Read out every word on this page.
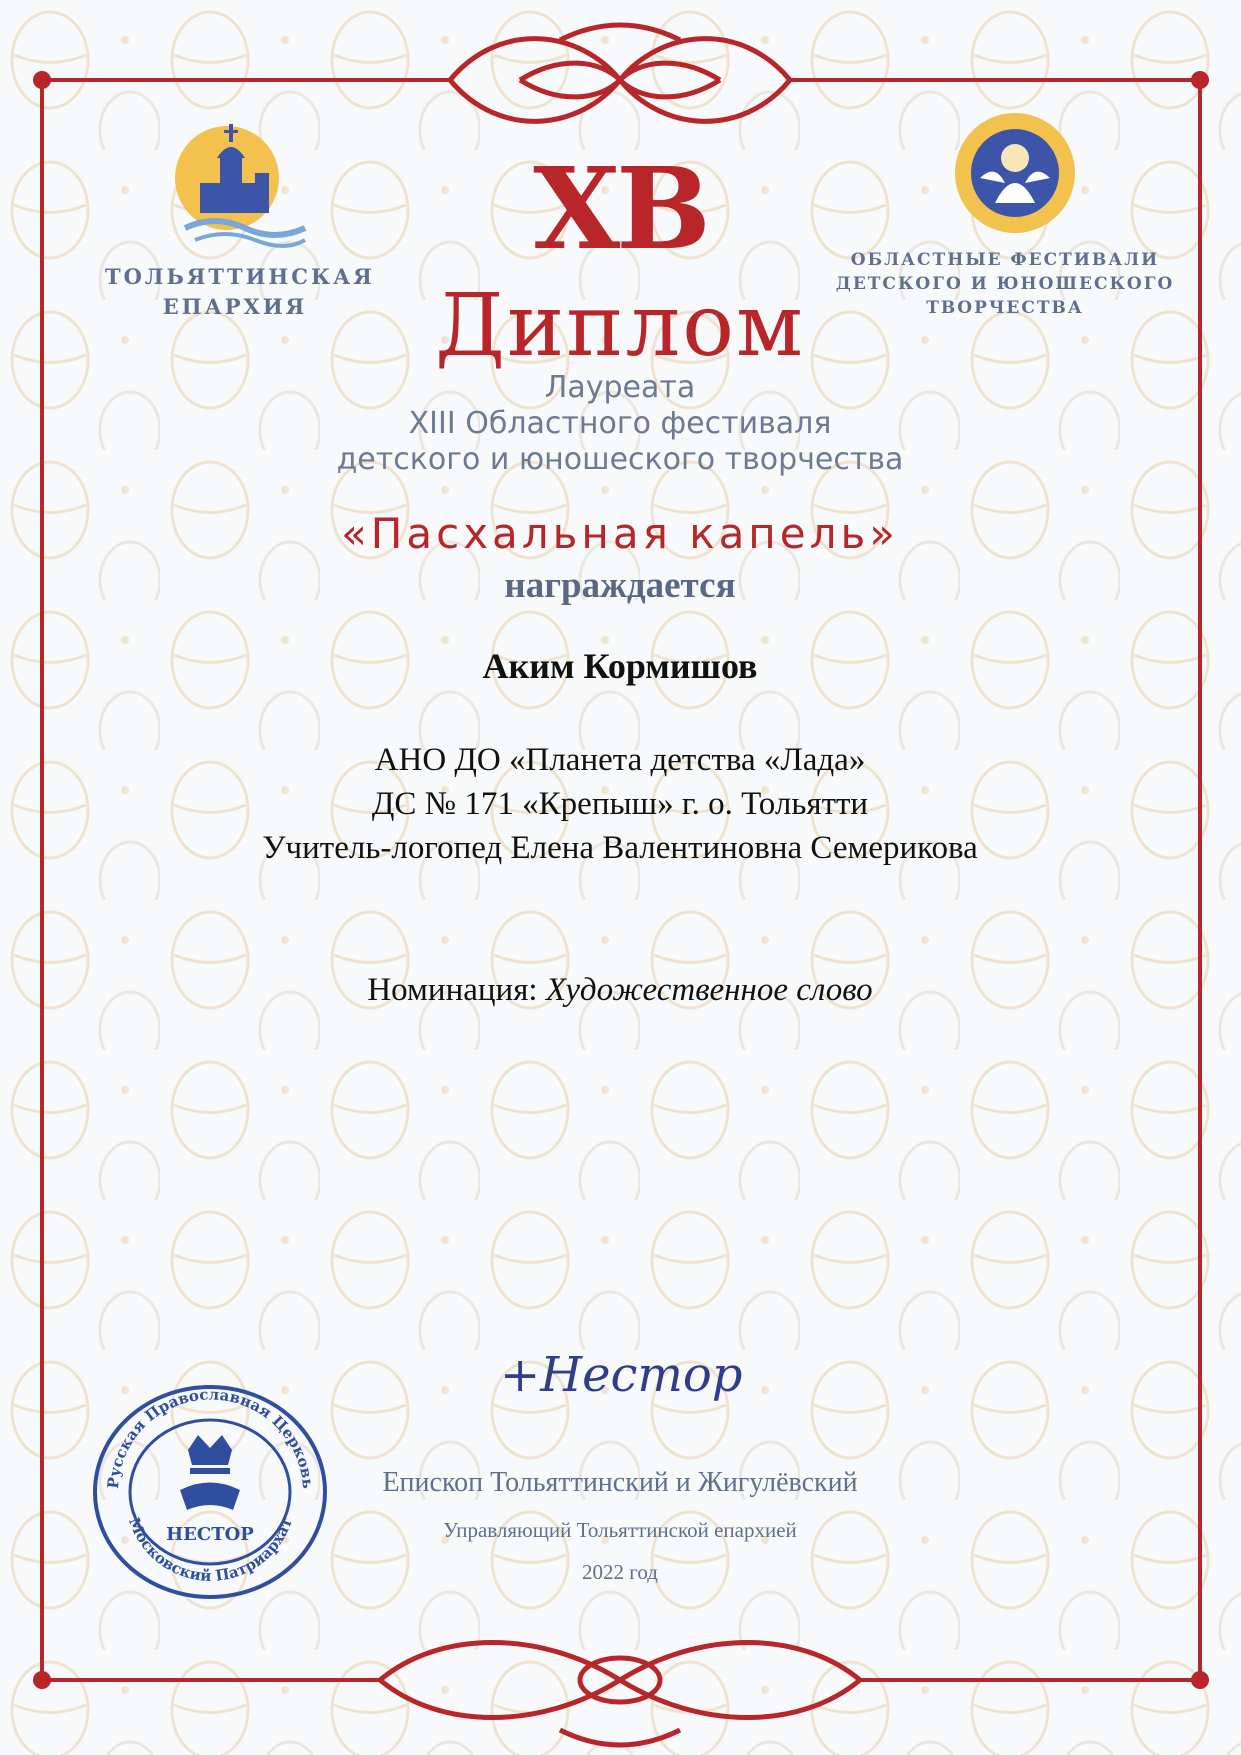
ТОЛЬЯТТИНСКАЯ
ЕПАРХИЯ
ОБЛАСТНЫЕ ФЕСТИВАЛИ
ДЕТСКОГО И ЮНОШЕСКОГО
ТВОРЧЕСТВА
ХВ
Диплом
Лауреата
XIII Областного фестиваля
детского и юношеского творчества
«Пасхальная капель»
награждается
Аким Кормишов
АНО ДО «Планета детства «Лада»
ДС № 171 «Крепыш» г. о. Тольятти
Учитель-логопед Елена Валентиновна Семерикова
Номинация: Художественное слово
Русская Православная Церковь
Московский Патриархат
НЕСТОР
+Нестор
Епископ Тольяттинский и Жигулёвский
Управляющий Тольяттинской епархией
2022 год
